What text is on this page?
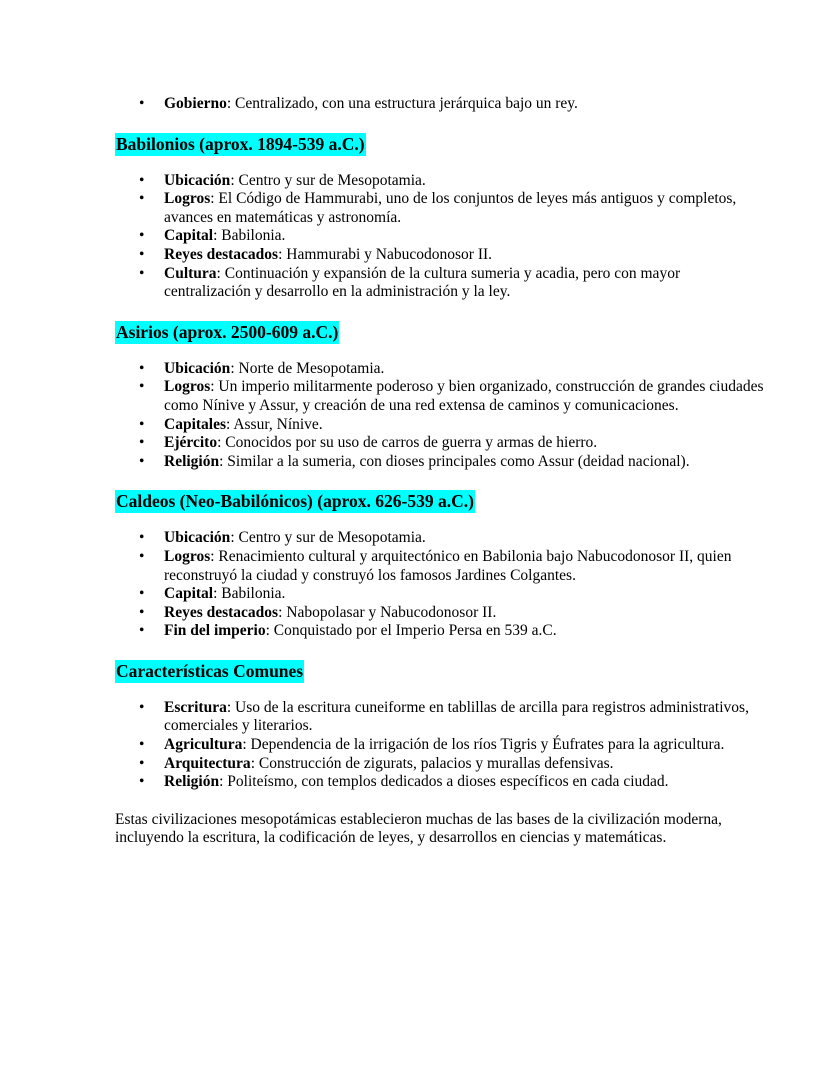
• Gobierno: Centralizado, con una estructura jerárquica bajo un rey.
Babilonios (aprox. 1894-539 a.C.)
• Ubicación: Centro y sur de Mesopotamia.
• Logros: El Código de Hammurabi, uno de los conjuntos de leyes más antiguos y completos, avances en matemáticas y astronomía.
• Capital: Babilonia.
• Reyes destacados: Hammurabi y Nabucodonosor II.
• Cultura: Continuación y expansión de la cultura sumeria y acadia, pero con mayor centralización y desarrollo en la administración y la ley.
Asirios (aprox. 2500-609 a.C.)
• Ubicación: Norte de Mesopotamia.
• Logros: Un imperio militarmente poderoso y bien organizado, construcción de grandes ciudades como Nínive y Assur, y creación de una red extensa de caminos y comunicaciones.
• Capitales: Assur, Nínive.
• Ejército: Conocidos por su uso de carros de guerra y armas de hierro.
• Religión: Similar a la sumeria, con dioses principales como Assur (deidad nacional).
Caldeos (Neo-Babilónicos) (aprox. 626-539 a.C.)
• Ubicación: Centro y sur de Mesopotamia.
• Logros: Renacimiento cultural y arquitectónico en Babilonia bajo Nabucodonosor II, quien reconstruyó la ciudad y construyó los famosos Jardines Colgantes.
• Capital: Babilonia.
• Reyes destacados: Nabopolasar y Nabucodonosor II.
• Fin del imperio: Conquistado por el Imperio Persa en 539 a.C.
Características Comunes
• Escritura: Uso de la escritura cuneiforme en tablillas de arcilla para registros administrativos, comerciales y literarios.
• Agricultura: Dependencia de la irrigación de los ríos Tigris y Éufrates para la agricultura.
• Arquitectura: Construcción de zigurats, palacios y murallas defensivas.
• Religión: Politeísmo, con templos dedicados a dioses específicos en cada ciudad.

Estas civilizaciones mesopotámicas establecieron muchas de las bases de la civilización moderna, incluyendo la escritura, la codificación de leyes, y desarrollos en ciencias y matemáticas.
